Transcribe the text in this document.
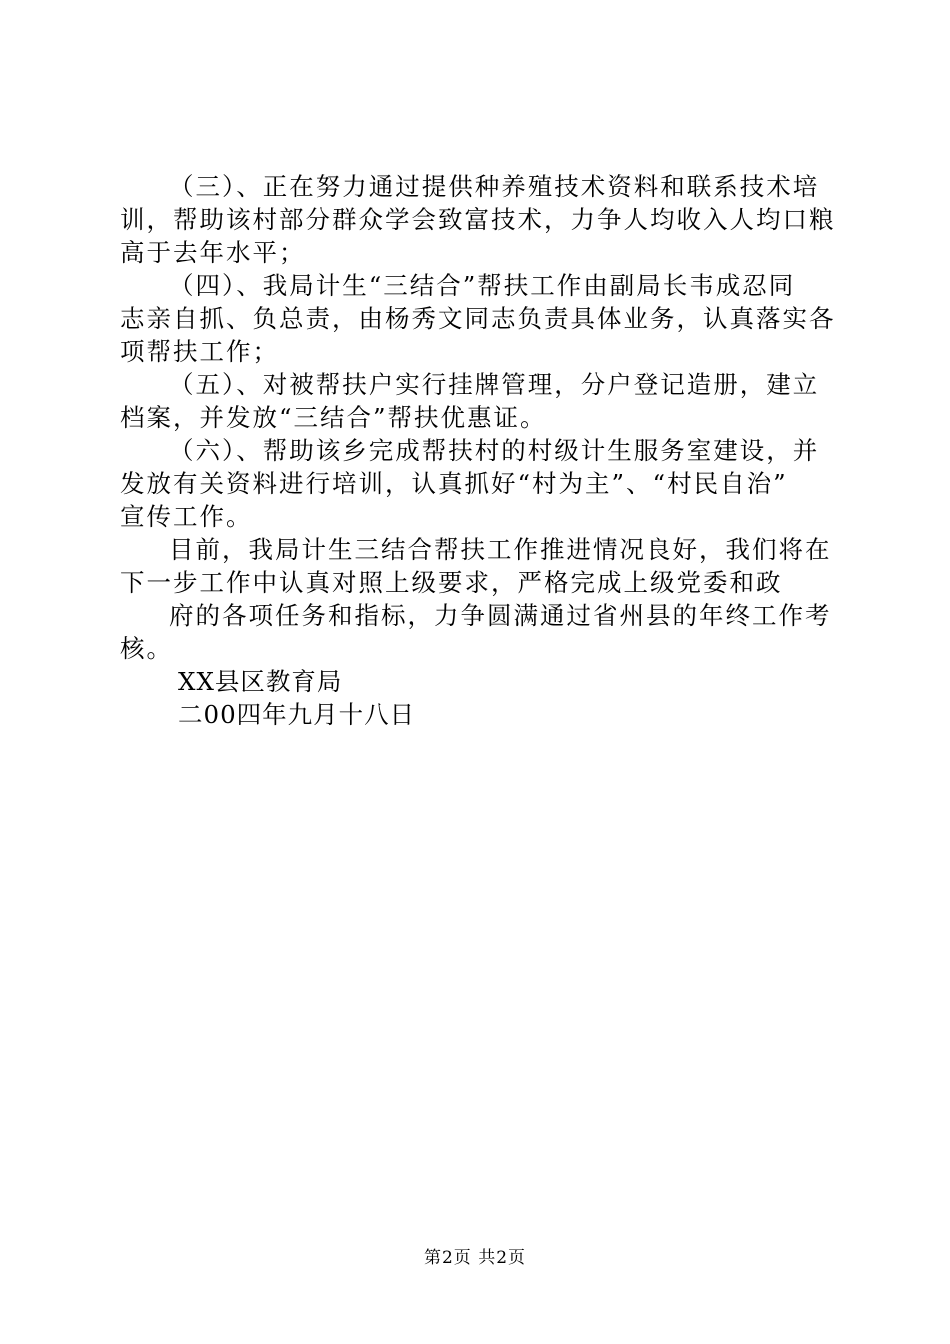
（三）、正在努力通过提供种养殖技术资料和联系技术培

训，帮助该村部分群众学会致富技术，力争人均收入人均口粮

高于去年水平；

（四）、我局计生“三结合”帮扶工作由副局长韦成忍同

志亲自抓、负总责，由杨秀文同志负责具体业务，认真落实各

项帮扶工作；

（五）、对被帮扶户实行挂牌管理，分户登记造册，建立

档案，并发放“三结合”帮扶优惠证。

（六）、帮助该乡完成帮扶村的村级计生服务室建设，并

发放有关资料进行培训，认真抓好“村为主”、“村民自治”

宣传工作。

目前，我局计生三结合帮扶工作推进情况良好，我们将在

下一步工作中认真对照上级要求，严格完成上级党委和政

府的各项任务和指标，力争圆满通过省州县的年终工作考

核。

XX县区教育局

二00四年九月十八日

第2页 共2页
